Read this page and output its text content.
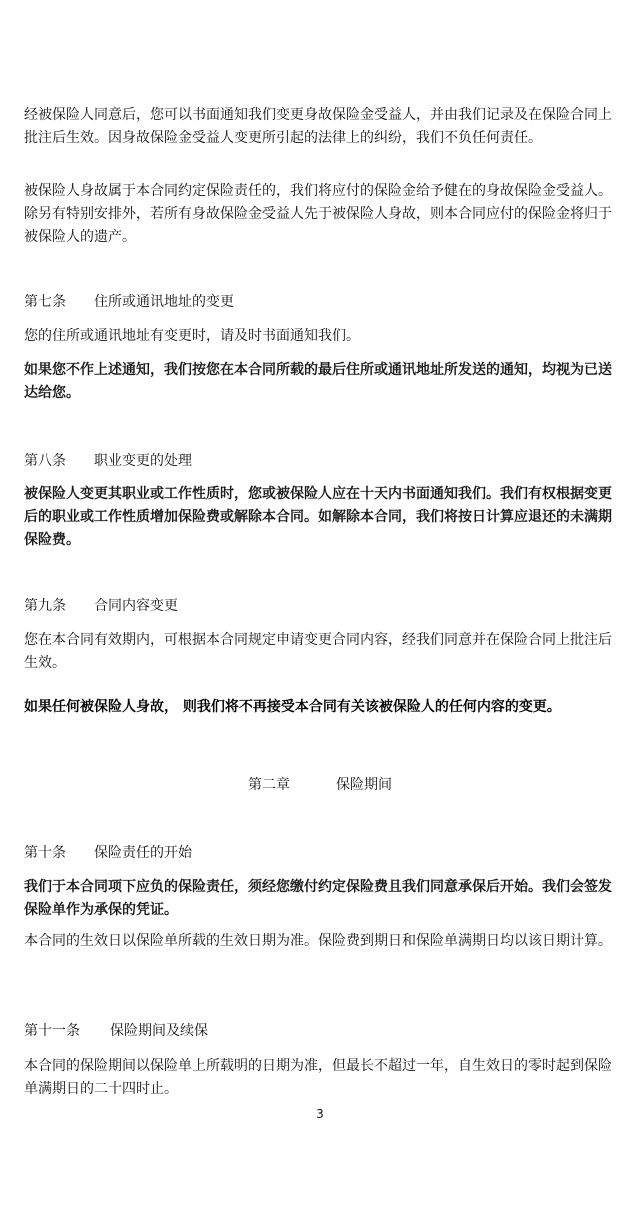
经被保险人同意后，您可以书面通知我们变更身故保险金受益人，并由我们记录及在保险合同上批注后生效。因身故保险金受益人变更所引起的法律上的纠纷，我们不负任何责任。

被保险人身故属于本合同约定保险责任的，我们将应付的保险金给予健在的身故保险金受益人。除另有特别安排外，若所有身故保险金受益人先于被保险人身故，则本合同应付的保险金将归于被保险人的遗产。

第七条 住所或通讯地址的变更

您的住所或通讯地址有变更时，请及时书面通知我们。

如果您不作上述通知，我们按您在本合同所载的最后住所或通讯地址所发送的通知，均视为已送达给您。

第八条 职业变更的处理

被保险人变更其职业或工作性质时，您或被保险人应在十天内书面通知我们。我们有权根据变更后的职业或工作性质增加保险费或解除本合同。如解除本合同，我们将按日计算应退还的未满期保险费。

第九条 合同内容变更

您在本合同有效期内，可根据本合同规定申请变更合同内容，经我们同意并在保险合同上批注后生效。

如果任何被保险人身故， 则我们将不再接受本合同有关该被保险人的任何内容的变更。

第二章	保险期间
第十条 保险责任的开始

我们于本合同项下应负的保险责任，须经您缴付约定保险费且我们同意承保后开始。我们会签发保险单作为承保的凭证。

本合同的生效日以保险单所载的生效日期为准。保险费到期日和保险单满期日均以该日期计算。

第十一条 保险期间及续保

本合同的保险期间以保险单上所载明的日期为准，但最长不超过一年，自生效日的零时起到保险单满期日的二十四时止。

3
